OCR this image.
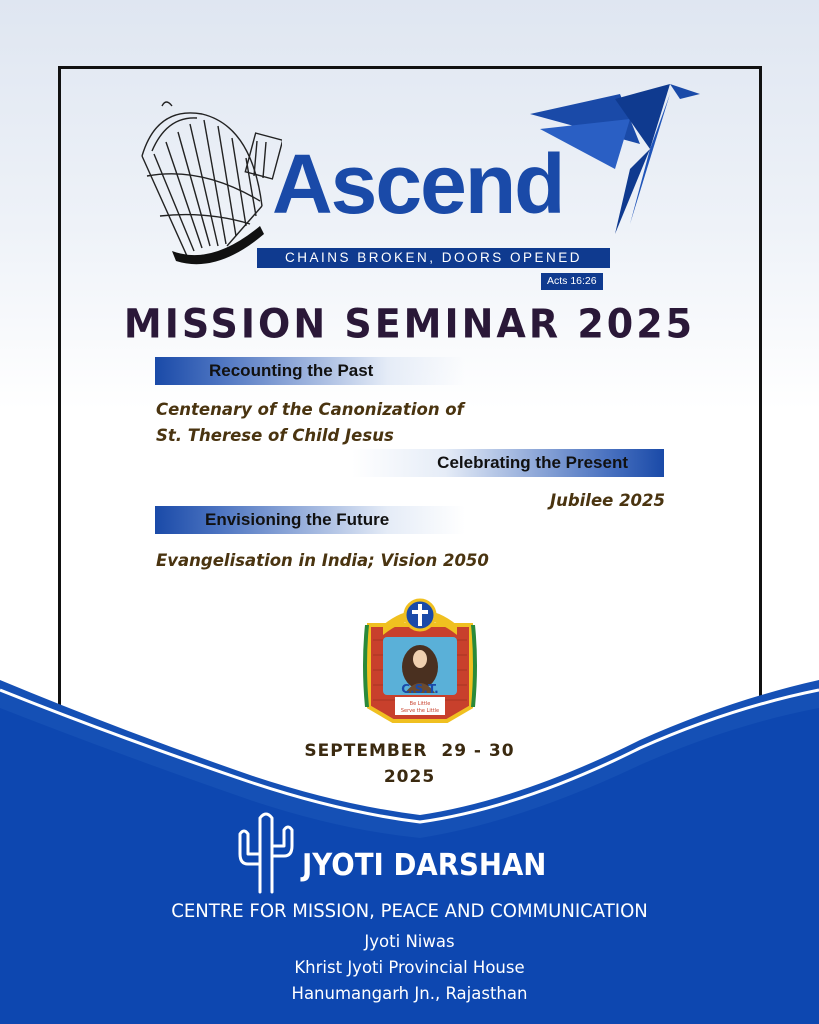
Ascend
CHAINS BROKEN, DOORS OPENED
Acts 16:26
MISSION SEMINAR 2025
Recounting the Past
Centenary of the Canonization of
St. Therese of Child Jesus
Celebrating the Present
Jubilee 2025
Envisioning the Future
Evangelisation in India; Vision 2050
C.S.T.
Be Little
Serve the Little
SEPTEMBER  29 - 30
2025
JYOTI DARSHAN
CENTRE FOR MISSION, PEACE AND COMMUNICATION
Jyoti Niwas
Khrist Jyoti Provincial House
Hanumangarh Jn., Rajasthan
